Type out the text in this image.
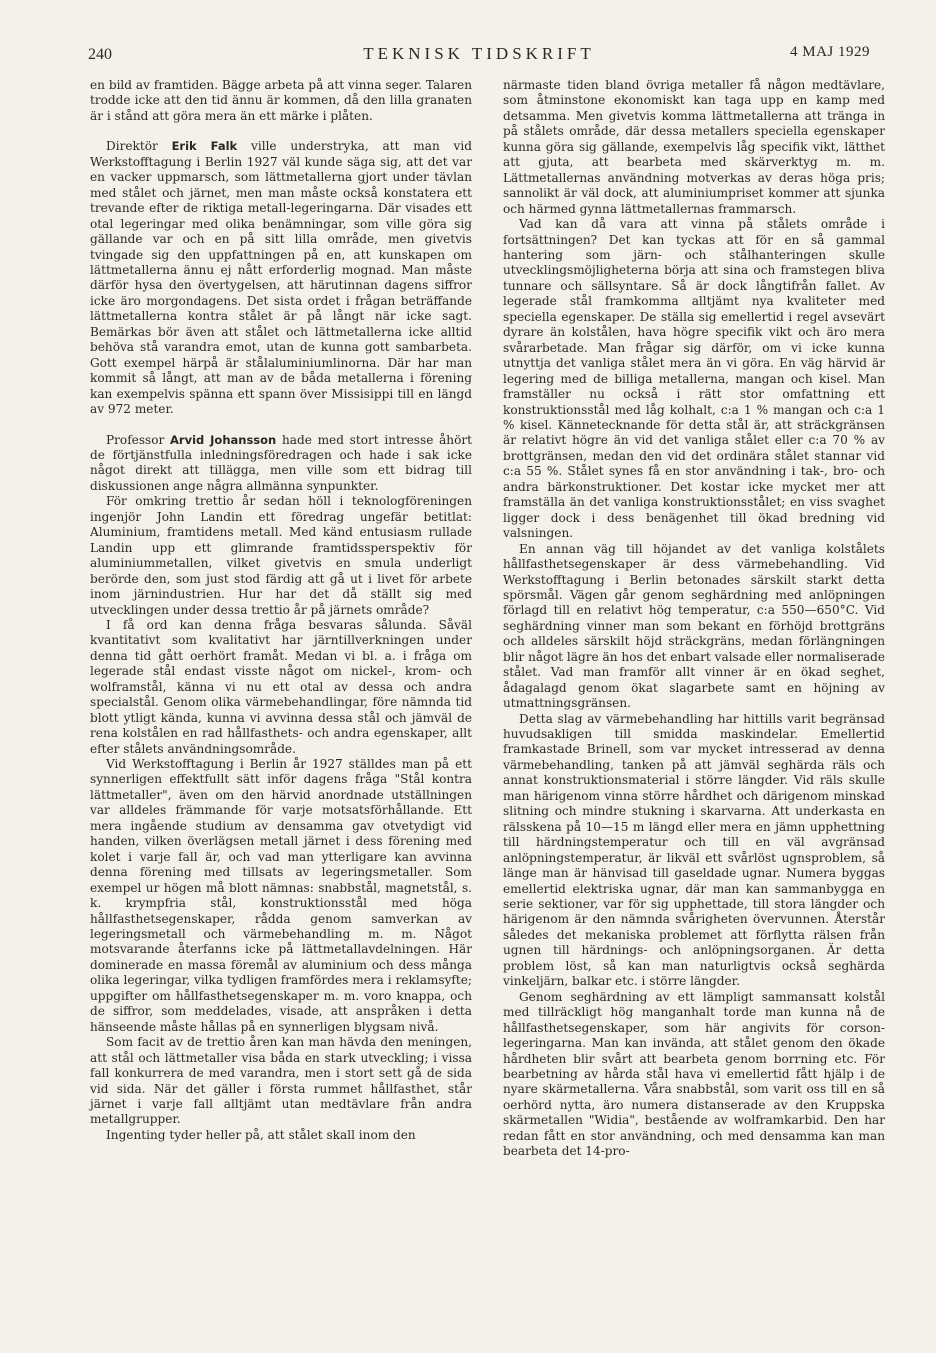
240	TEKNISK TIDSKRIFT	4 MAJ 1929

en bild av framtiden. Bägge arbeta på att vinna seger. Talaren trodde icke att den tid ännu är kommen, då den lilla granaten är i stånd att göra mera än ett märke i plåten.

Direktör Erik Falk ville understryka, att man vid Werkstofftagung i Berlin 1927 väl kunde säga sig, att det var en vacker uppmarsch, som lättmetallerna gjort under tävlan med stålet och järnet, men man måste också konstatera ett trevande efter de riktiga metall-legeringarna. Där visades ett otal legeringar med olika benämningar, som ville göra sig gällande var och en på sitt lilla område, men givetvis tvingade sig den uppfattningen på en, att kunskapen om lättmetallerna ännu ej nått erforderlig mognad. Man måste därför hysa den övertygelsen, att härutinnan dagens siffror icke äro morgondagens. Det sista ordet i frågan beträffande lättmetallerna kontra stålet är på långt när icke sagt. Bemärkas bör även att stålet och lättmetallerna icke alltid behöva stå varandra emot, utan de kunna gott sambarbeta. Gott exempel härpå är stålaluminiumlinorna. Där har man kommit så långt, att man av de båda metallerna i förening kan exempelvis spänna ett spann över Missisippi till en längd av 972 meter.

Professor Arvid Johansson hade med stort intresse åhört de förtjänstfulla inledningsföredragen och hade i sak icke något direkt att tillägga, men ville som ett bidrag till diskussionen ange några allmänna synpunkter.

För omkring trettio år sedan höll i teknologföreningen ingenjör John Landin ett föredrag ungefär betitlat: Aluminium, framtidens metall. Med känd entusiasm rullade Landin upp ett glimrande framtidssperspektiv för aluminiummetallen, vilket givetvis en smula underligt berörde den, som just stod färdig att gå ut i livet för arbete inom järnindustrien. Hur har det då ställt sig med utvecklingen under dessa trettio år på järnets område?

I få ord kan denna fråga besvaras sålunda. Såväl kvantitativt som kvalitativt har järntillverkningen under denna tid gått oerhört framåt. Medan vi bl. a. i fråga om legerade stål endast visste något om nickel-, krom- och wolframstål, känna vi nu ett otal av dessa och andra specialstål. Genom olika värmebehandlingar, före nämnda tid blott ytligt kända, kunna vi avvinna dessa stål och jämväl de rena kolstålen en rad hållfasthets- och andra egenskaper, allt efter stålets användningsområde.

Vid Werkstofftagung i Berlin år 1927 ställdes man på ett synnerligen effektfullt sätt inför dagens fråga "Stål kontra lättmetaller", även om den härvid anordnade utställningen var alldeles främmande för varje motsatsförhållande. Ett mera ingående studium av densamma gav otvetydigt vid handen, vilken överlägsen metall järnet i dess förening med kolet i varje fall är, och vad man ytterligare kan avvinna denna förening med tillsats av legeringsmetaller. Som exempel ur högen må blott nämnas: snabbstål, magnetstål, s. k. krympfria stål, konstruktionsstål med höga hållfasthetsegenskaper, rådda genom samverkan av legeringsmetall och värmebehandling m. m. Något motsvarande återfanns icke på lättmetallavdelningen. Här dominerade en massa föremål av aluminium och dess många olika legeringar, vilka tydligen framfördes mera i reklamsyfte; uppgifter om hållfasthetsegenskaper m. m. voro knappa, och de siffror, som meddelades, visade, att anspråken i detta hänseende måste hållas på en synnerligen blygsam nivå.

Som facit av de trettio åren kan man hävda den meningen, att stål och lättmetaller visa båda en stark utveckling; i vissa fall konkurrera de med varandra, men i stort sett gå de sida vid sida. När det gäller i första rummet hållfasthet, står järnet i varje fall alltjämt utan medtävlare från andra metallgrupper.

Ingenting tyder heller på, att stålet skall inom den

närmaste tiden bland övriga metaller få någon medtävlare, som åtminstone ekonomiskt kan taga upp en kamp med detsamma. Men givetvis komma lättmetallerna att tränga in på stålets område, där dessa metallers speciella egenskaper kunna göra sig gällande, exempelvis låg specifik vikt, lätthet att gjuta, att bearbeta med skärverktyg m. m. Lättmetallernas användning motverkas av deras höga pris; sannolikt är väl dock, att aluminiumpriset kommer att sjunka och härmed gynna lättmetallernas frammarsch.

Vad kan då vara att vinna på stålets område i fortsättningen? Det kan tyckas att för en så gammal hantering som järn- och stålhanteringen skulle utvecklingsmöjligheterna börja att sina och framstegen bliva tunnare och sällsyntare. Så är dock långtifrån fallet. Av legerade stål framkomma alltjämt nya kvaliteter med speciella egenskaper. De ställa sig emellertid i regel avsevärt dyrare än kolstålen, hava högre specifik vikt och äro mera svårarbetade. Man frågar sig därför, om vi icke kunna utnyttja det vanliga stålet mera än vi göra. En väg härvid är legering med de billiga metallerna, mangan och kisel. Man framställer nu också i rätt stor omfattning ett konstruktionsstål med låg kolhalt, c:a 1 % mangan och c:a 1 % kisel. Kännetecknande för detta stål är, att sträckgränsen är relativt högre än vid det vanliga stålet eller c:a 70 % av brottgränsen, medan den vid det ordinära stålet stannar vid c:a 55 %. Stålet synes få en stor användning i tak-, bro- och andra bärkonstruktioner. Det kostar icke mycket mer att framställa än det vanliga konstruktionsstålet; en viss svaghet ligger dock i dess benägenhet till ökad bredning vid valsningen.

En annan väg till höjandet av det vanliga kolstålets hållfasthetsegenskaper är dess värmebehandling. Vid Werkstofftagung i Berlin betonades särskilt starkt detta spörsmål. Vägen går genom seghärdning med anlöpningen förlagd till en relativt hög temperatur, c:a 550—650°C. Vid seghärdning vinner man som bekant en förhöjd brottgräns och alldeles särskilt höjd sträckgräns, medan förlängningen blir något lägre än hos det enbart valsade eller normaliserade stålet. Vad man framför allt vinner är en ökad seghet, ådagalagd genom ökat slagarbete samt en höjning av utmattningsgränsen.

Detta slag av värmebehandling har hittills varit begränsad huvudsakligen till smidda maskindelar. Emellertid framkastade Brinell, som var mycket intresserad av denna värmebehandling, tanken på att jämväl seghärda räls och annat konstruktionsmaterial i större längder. Vid räls skulle man härigenom vinna större hårdhet och därigenom minskad slitning och mindre stukning i skarvarna. Att underkasta en rälsskena på 10—15 m längd eller mera en jämn upphettning till härdningstemperatur och till en väl avgränsad anlöpningstemperatur, är likväl ett svårlöst ugnsproblem, så länge man är hänvisad till gaseldade ugnar. Numera byggas emellertid elektriska ugnar, där man kan sammanbygga en serie sektioner, var för sig upphettade, till stora längder och härigenom är den nämnda svårigheten övervunnen. Återstår således det mekaniska problemet att förflytta rälsen från ugnen till härdnings- och anlöpningsorganen. Är detta problem löst, så kan man naturligtvis också seghärda vinkeljärn, balkar etc. i större längder.

Genom seghärdning av ett lämpligt sammansatt kolstål med tillräckligt hög manganhalt torde man kunna nå de hållfasthetsegenskaper, som här angivits för corson-legeringarna. Man kan invända, att stålet genom den ökade hårdheten blir svårt att bearbeta genom borrning etc. För bearbetning av hårda stål hava vi emellertid fått hjälp i de nyare skärmetallerna. Våra snabbstål, som varit oss till en så oerhörd nytta, äro numera distanserade av den Kruppska skärmetallen "Widia", bestående av wolframkarbid. Den har redan fått en stor användning, och med densamma kan man bearbeta det 14-pro-
